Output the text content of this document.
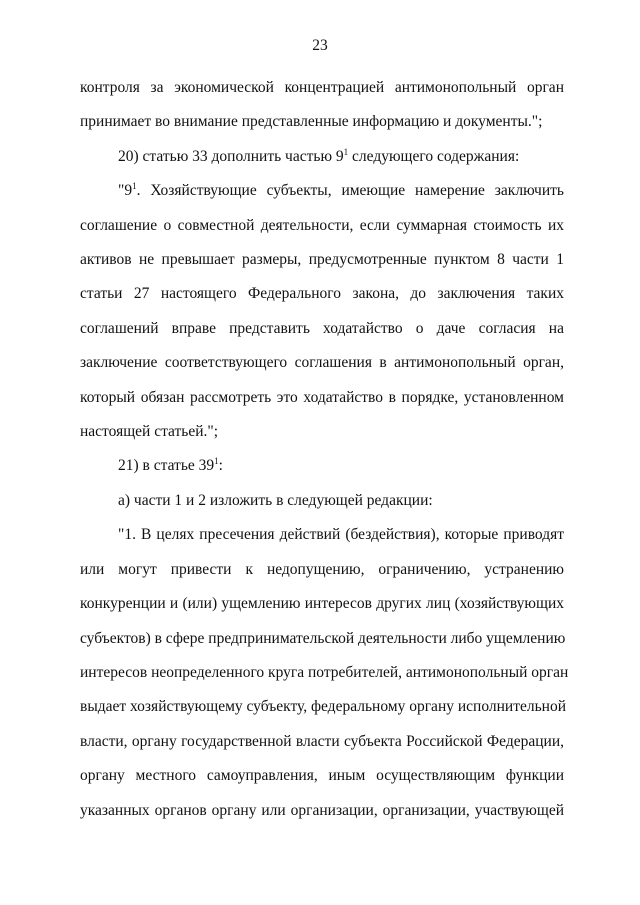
23

контроля за экономической концентрацией антимонопольный орган
принимает во внимание представленные информацию и документы.";

20) статью 33 дополнить частью $9^1$ следующего содержания:

"$9^1$. Хозяйствующие субъекты, имеющие намерение заключить
соглашение о совместной деятельности, если суммарная стоимость их
активов не превышает размеры, предусмотренные пунктом 8 части 1
статьи 27 настоящего Федерального закона, до заключения таких
соглашений вправе представить ходатайство о даче согласия на
заключение соответствующего соглашения в антимонопольный орган,
который обязан рассмотреть это ходатайство в порядке, установленном
настоящей статьей.";

21) в статье $39^1$:

а) части 1 и 2 изложить в следующей редакции:

"1. В целях пресечения действий (бездействия), которые приводят
или могут привести к недопущению, ограничению, устранению
конкуренции и (или) ущемлению интересов других лиц (хозяйствующих
субъектов) в сфере предпринимательской деятельности либо ущемлению
интересов неопределенного круга потребителей, антимонопольный орган
выдает хозяйствующему субъекту, федеральному органу исполнительной
власти, органу государственной власти субъекта Российской Федерации,
органу местного самоуправления, иным осуществляющим функции
указанных органов органу или организации, организации, участвующей
